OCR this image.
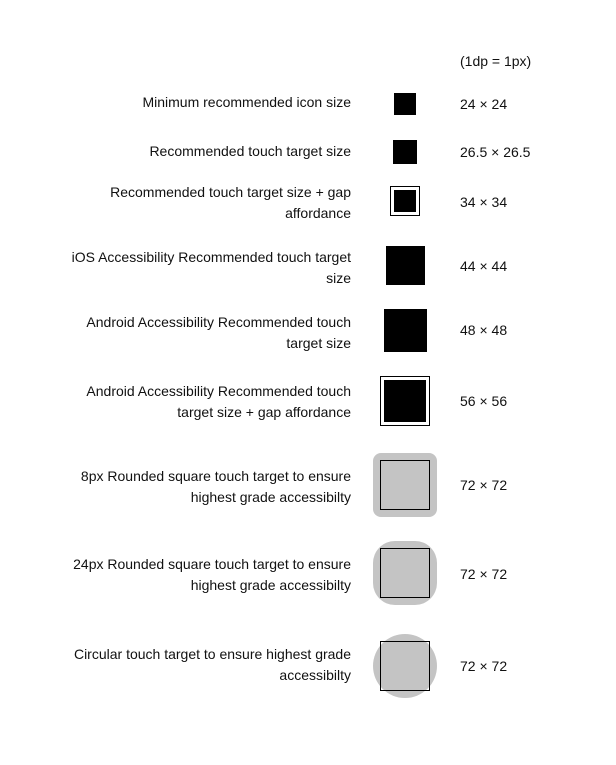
(1dp = 1px)
Minimum recommended icon size	24 × 24
Recommended touch target size	26.5 × 26.5
Recommended touch target size + gap affordance
34 × 34
iOS Accessibility Recommended touch target size
44 × 44
Android Accessibility Recommended touch target size
48 × 48
Android Accessibility Recommended touch target size + gap affordance
56 × 56
8px Rounded square touch target to ensure highest grade accessibilty
72 × 72
24px Rounded square touch target to ensure highest grade accessibilty
72 × 72
Circular touch target to ensure highest grade accessibilty
72 × 72
